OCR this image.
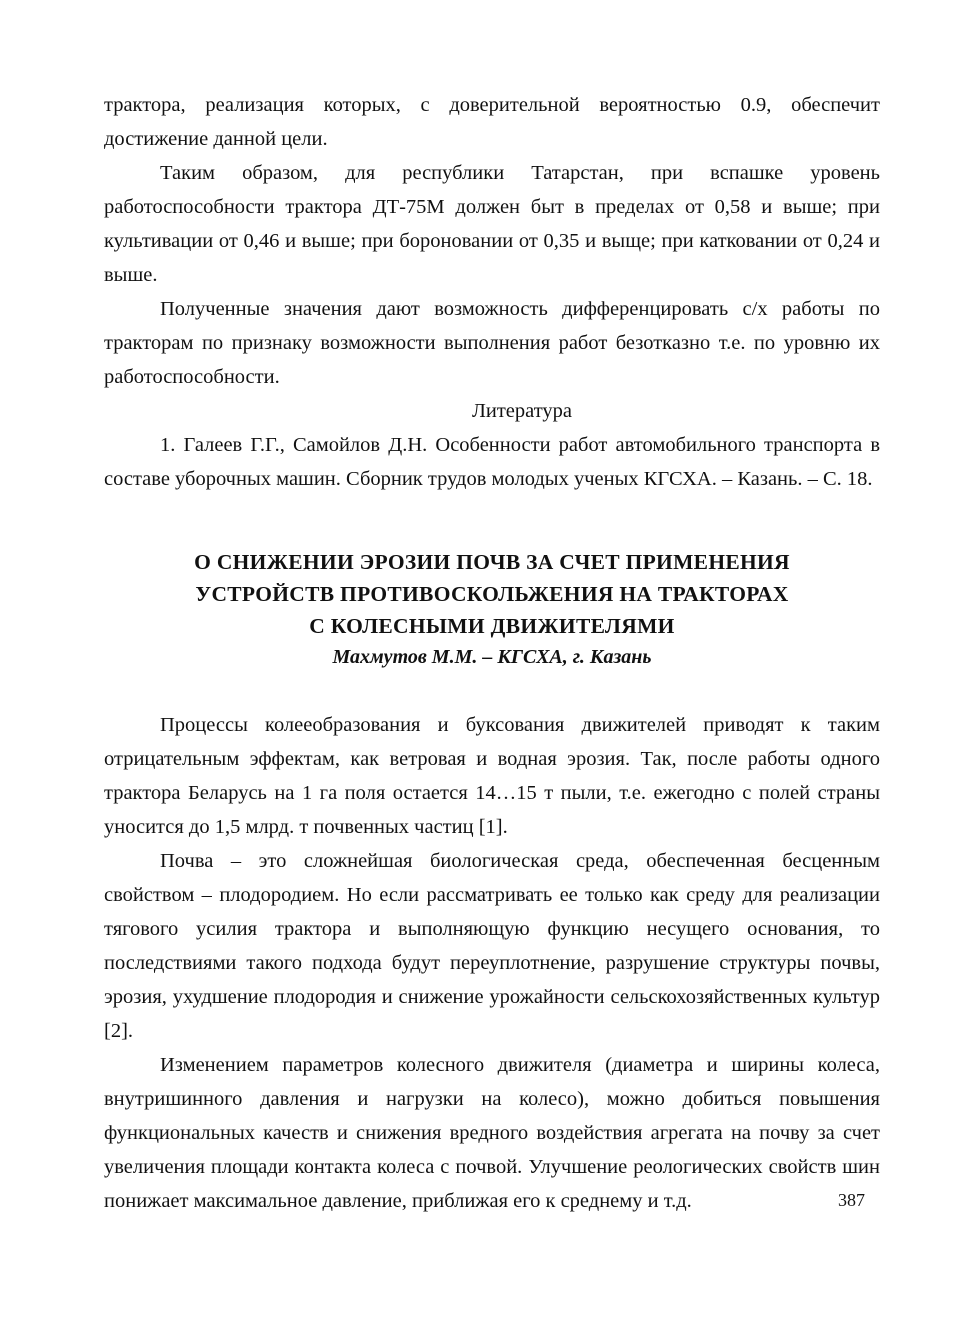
трактора, реализация которых, с доверительной вероятностью 0.9, обеспечит достижение данной цели.

Таким образом, для республики Татарстан, при вспашке уровень работоспособности трактора ДТ-75М должен быт в пределах от 0,58 и выше; при культивации от 0,46 и выше; при бороновании от 0,35 и выще; при катковании от 0,24 и выше.

Полученные значения дают возможность дифференцировать с/х работы по тракторам по признаку возможности выполнения работ безотказно т.е. по уровню их работоспособности.

Литература

1. Галеев Г.Г., Самойлов Д.Н. Особенности работ автомобильного транспорта в составе уборочных машин. Сборник трудов молодых ученых КГСХА. – Казань. – С. 18.

О СНИЖЕНИИ ЭРОЗИИ ПОЧВ ЗА СЧЕТ ПРИМЕНЕНИЯ

УСТРОЙСТВ ПРОТИВОСКОЛЬЖЕНИЯ НА ТРАКТОРАХ

С КОЛЕСНЫМИ ДВИЖИТЕЛЯМИ

Махмутов М.М. – КГСХА, г. Казань

Процессы колееобразования и буксования движителей приводят к таким отрицательным эффектам, как ветровая и водная эрозия. Так, после работы одного трактора Беларусь на 1 га поля остается 14…15 т пыли, т.е. ежегодно с полей страны уносится до 1,5 млрд. т почвенных частиц [1].

Почва – это сложнейшая биологическая среда, обеспеченная бесценным свойством – плодородием. Но если рассматривать ее только как среду для реализации тягового усилия трактора и выполняющую функцию несущего основания, то последствиями такого подхода будут переуплотнение, разрушение структуры почвы, эрозия, ухудшение плодородия и снижение урожайности сельскохозяйственных культур [2].

Изменением параметров колесного движителя (диаметра и ширины колеса, внутришинного давления и нагрузки на колесо), можно добиться повышения функциональных качеств и снижения вредного воздействия агрегата на почву за счет увеличения площади контакта колеса с почвой. Улучшение реологических свойств шин понижает максимальное давление, приближая его к среднему и т.д.	387
